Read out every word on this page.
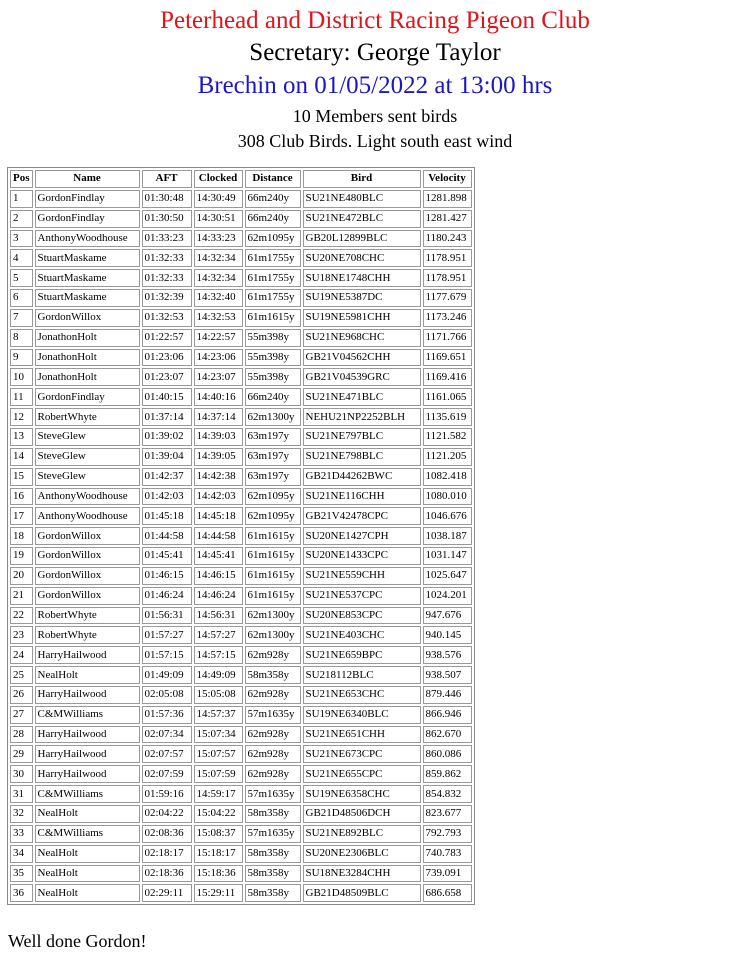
Peterhead and District Racing Pigeon Club
Secretary: George Taylor
Brechin on 01/05/2022 at 13:00 hrs
10 Members sent birds
308 Club Birds. Light south east wind
Pos	Name	AFT	Clocked	Distance	Bird	Velocity
1	GordonFindlay	01:30:48	14:30:49	66m240y	SU21NE480BLC	1281.898
2	GordonFindlay	01:30:50	14:30:51	66m240y	SU21NE472BLC	1281.427
3	AnthonyWoodhouse	01:33:23	14:33:23	62m1095y	GB20L12899BLC	1180.243
4	StuartMaskame	01:32:33	14:32:34	61m1755y	SU20NE708CHC	1178.951
5	StuartMaskame	01:32:33	14:32:34	61m1755y	SU18NE1748CHH	1178.951
6	StuartMaskame	01:32:39	14:32:40	61m1755y	SU19NE5387DC	1177.679
7	GordonWillox	01:32:53	14:32:53	61m1615y	SU19NE5981CHH	1173.246
8	JonathonHolt	01:22:57	14:22:57	55m398y	SU21NE968CHC	1171.766
9	JonathonHolt	01:23:06	14:23:06	55m398y	GB21V04562CHH	1169.651
10	JonathonHolt	01:23:07	14:23:07	55m398y	GB21V04539GRC	1169.416
11	GordonFindlay	01:40:15	14:40:16	66m240y	SU21NE471BLC	1161.065
12	RobertWhyte	01:37:14	14:37:14	62m1300y	NEHU21NP2252BLH	1135.619
13	SteveGlew	01:39:02	14:39:03	63m197y	SU21NE797BLC	1121.582
14	SteveGlew	01:39:04	14:39:05	63m197y	SU21NE798BLC	1121.205
15	SteveGlew	01:42:37	14:42:38	63m197y	GB21D44262BWC	1082.418
16	AnthonyWoodhouse	01:42:03	14:42:03	62m1095y	SU21NE116CHH	1080.010
17	AnthonyWoodhouse	01:45:18	14:45:18	62m1095y	GB21V42478CPC	1046.676
18	GordonWillox	01:44:58	14:44:58	61m1615y	SU20NE1427CPH	1038.187
19	GordonWillox	01:45:41	14:45:41	61m1615y	SU20NE1433CPC	1031.147
20	GordonWillox	01:46:15	14:46:15	61m1615y	SU21NE559CHH	1025.647
21	GordonWillox	01:46:24	14:46:24	61m1615y	SU21NE537CPC	1024.201
22	RobertWhyte	01:56:31	14:56:31	62m1300y	SU20NE853CPC	947.676
23	RobertWhyte	01:57:27	14:57:27	62m1300y	SU21NE403CHC	940.145
24	HarryHailwood	01:57:15	14:57:15	62m928y	SU21NE659BPC	938.576
25	NealHolt	01:49:09	14:49:09	58m358y	SU218112BLC	938.507
26	HarryHailwood	02:05:08	15:05:08	62m928y	SU21NE653CHC	879.446
27	C&MWilliams	01:57:36	14:57:37	57m1635y	SU19NE6340BLC	866.946
28	HarryHailwood	02:07:34	15:07:34	62m928y	SU21NE651CHH	862.670
29	HarryHailwood	02:07:57	15:07:57	62m928y	SU21NE673CPC	860.086
30	HarryHailwood	02:07:59	15:07:59	62m928y	SU21NE655CPC	859.862
31	C&MWilliams	01:59:16	14:59:17	57m1635y	SU19NE6358CHC	854.832
32	NealHolt	02:04:22	15:04:22	58m358y	GB21D48506DCH	823.677
33	C&MWilliams	02:08:36	15:08:37	57m1635y	SU21NE892BLC	792.793
34	NealHolt	02:18:17	15:18:17	58m358y	SU20NE2306BLC	740.783
35	NealHolt	02:18:36	15:18:36	58m358y	SU18NE3284CHH	739.091
36	NealHolt	02:29:11	15:29:11	58m358y	GB21D48509BLC	686.658
Well done Gordon!
